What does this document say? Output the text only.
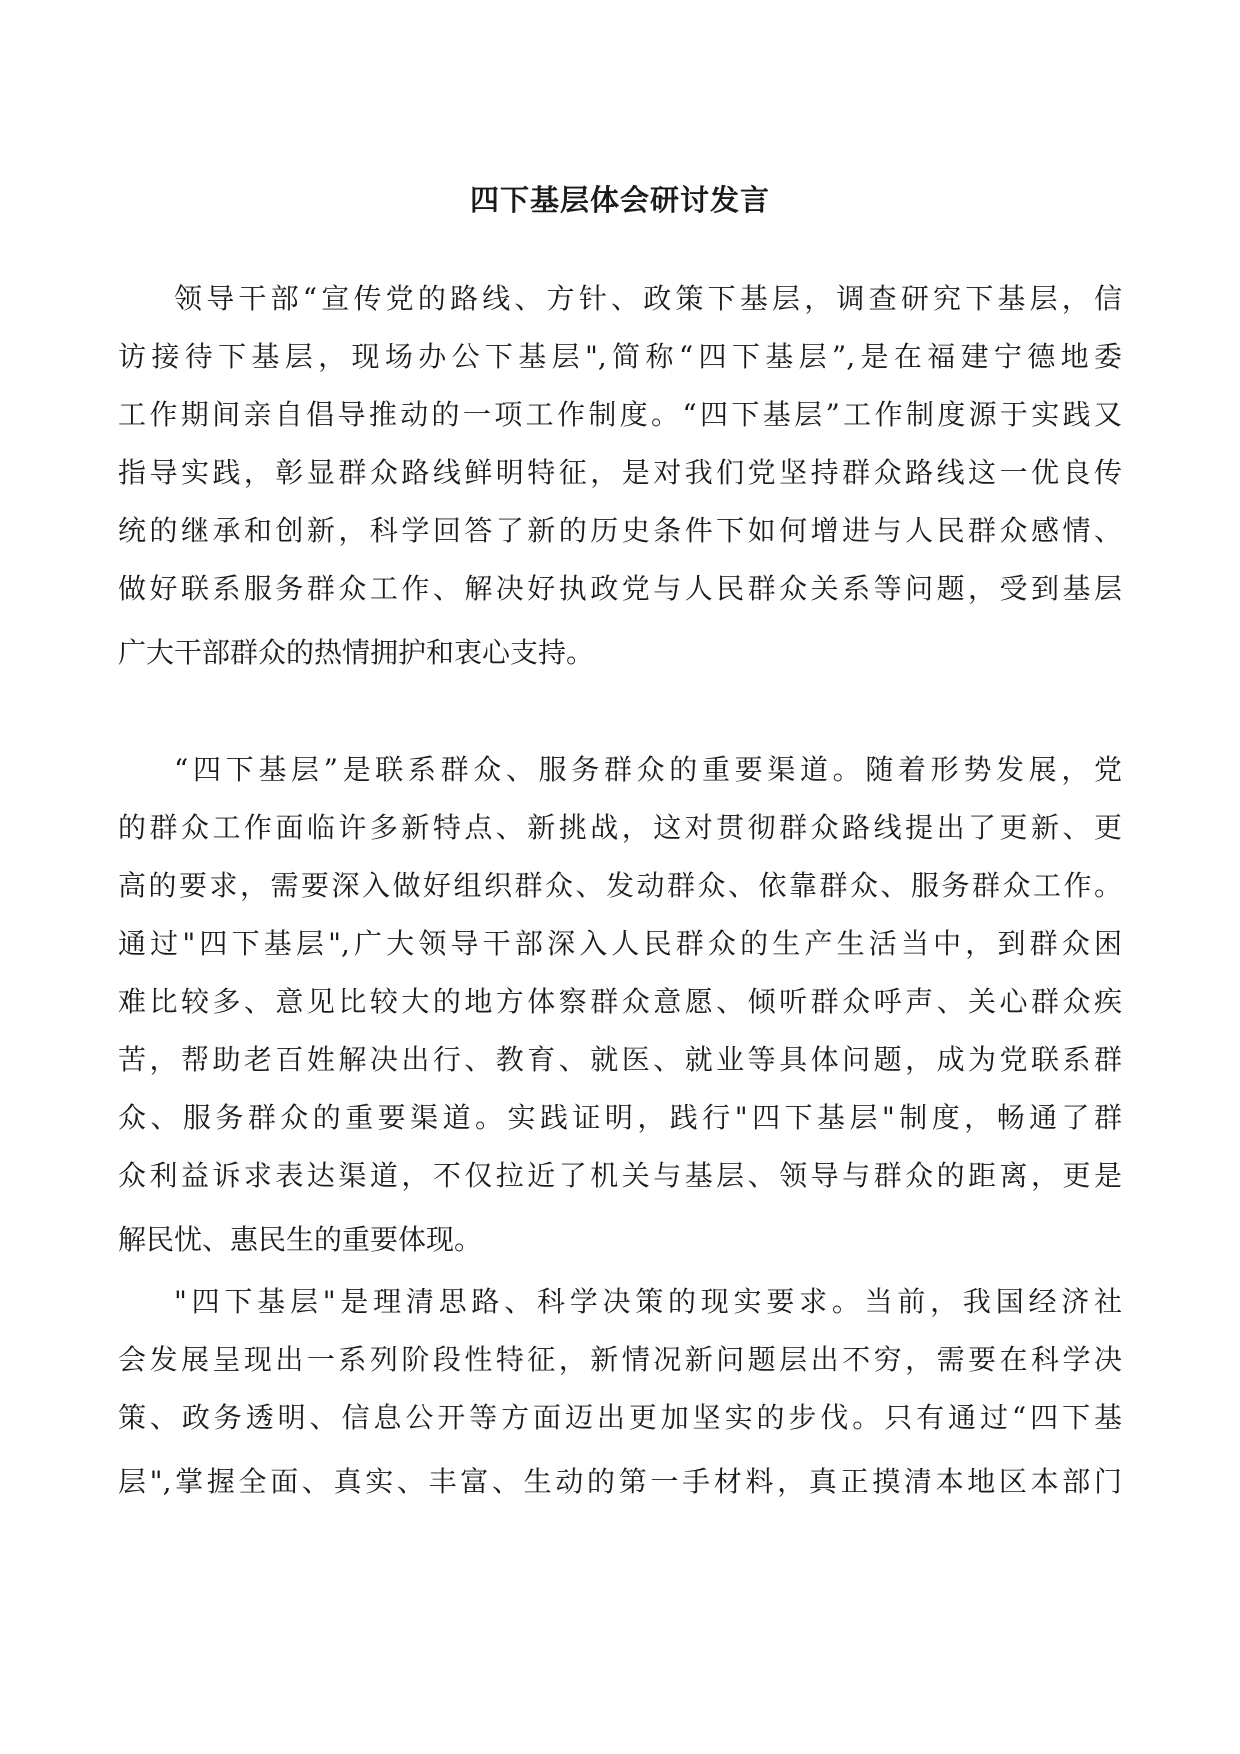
四下基层体会研讨发言
领导干部“宣传党的路线、方针、政策下基层，调查研究下基层，信
访接待下基层，现场办公下基层",简称“四下基层”,是在福建宁德地委
工作期间亲自倡导推动的一项工作制度。“四下基层”工作制度源于实践又
指导实践，彰显群众路线鲜明特征，是对我们党坚持群众路线这一优良传
统的继承和创新，科学回答了新的历史条件下如何增进与人民群众感情、
做好联系服务群众工作、解决好执政党与人民群众关系等问题，受到基层
广大干部群众的热情拥护和衷心支持。
“四下基层”是联系群众、服务群众的重要渠道。随着形势发展，党
的群众工作面临许多新特点、新挑战，这对贯彻群众路线提出了更新、更
高的要求，需要深入做好组织群众、发动群众、依靠群众、服务群众工作。
通过"四下基层",广大领导干部深入人民群众的生产生活当中，到群众困
难比较多、意见比较大的地方体察群众意愿、倾听群众呼声、关心群众疾
苦，帮助老百姓解决出行、教育、就医、就业等具体问题，成为党联系群
众、服务群众的重要渠道。实践证明，践行"四下基层"制度，畅通了群
众利益诉求表达渠道，不仅拉近了机关与基层、领导与群众的距离，更是
解民忧、惠民生的重要体现。
"四下基层"是理清思路、科学决策的现实要求。当前，我国经济社
会发展呈现出一系列阶段性特征，新情况新问题层出不穷，需要在科学决
策、政务透明、信息公开等方面迈出更加坚实的步伐。只有通过“四下基
层",掌握全面、真实、丰富、生动的第一手材料，真正摸清本地区本部门
